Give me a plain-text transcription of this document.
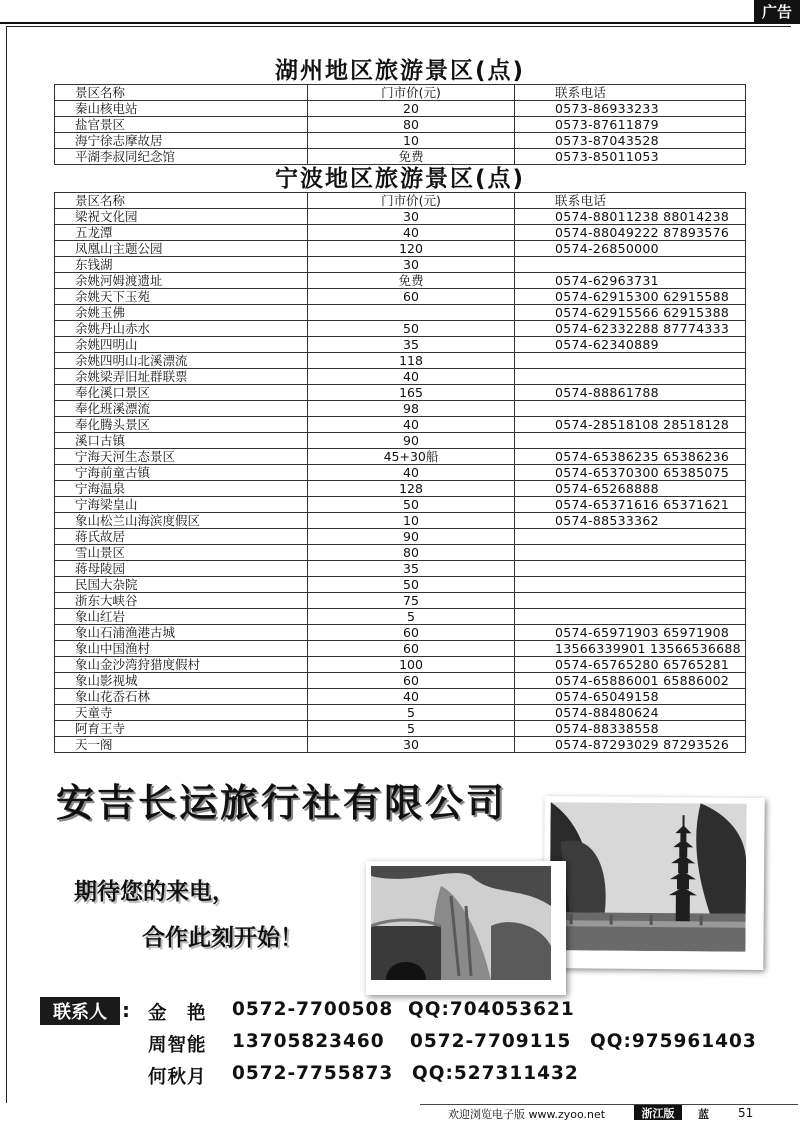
广告
湖州地区旅游景区(点)
景区名称	门市价(元)	联系电话
秦山核电站	20	0573-86933233
盐官景区	80	0573-87611879
海宁徐志摩故居	10	0573-87043528
平湖李叔同纪念馆	免费	0573-85011053
宁波地区旅游景区(点)
景区名称	门市价(元)	联系电话
梁祝文化园	30	0574-88011238 88014238
五龙潭	40	0574-88049222 87893576
凤凰山主题公园	120	0574-26850000
东钱湖	30	
余姚河姆渡遗址	免费	0574-62963731
余姚天下玉苑	60	0574-62915300 62915588
余姚玉佛		0574-62915566 62915388
余姚丹山赤水	50	0574-62332288 87774333
余姚四明山	35	0574-62340889
余姚四明山北溪漂流	118	
余姚梁弄旧址群联票	40	
奉化溪口景区	165	0574-88861788
奉化班溪漂流	98	
奉化腾头景区	40	0574-28518108 28518128
溪口古镇	90	
宁海天河生态景区	45+30船	0574-65386235 65386236
宁海前童古镇	40	0574-65370300 65385075
宁海温泉	128	0574-65268888
宁海梁皇山	50	0574-65371616 65371621
象山松兰山海滨度假区	10	0574-88533362
蒋氏故居	90	
雪山景区	80	
蒋母陵园	35	
民国大杂院	50	
浙东大峡谷	75	
象山红岩	5	
象山石浦渔港古城	60	0574-65971903 65971908
象山中国渔村	60	13566339901 13566536688
象山金沙湾狩猎度假村	100	0574-65765280 65765281
象山影视城	60	0574-65886001 65886002
象山花岙石林	40	0574-65049158
天童寺	5	0574-88480624
阿育王寺	5	0574-88338558
天一阁	30	0574-87293029 87293526
安吉长运旅行社有限公司
期待您的来电，
合作此刻开始！
联系人 : 金　艳 0572-7700508 QQ:704053621
周智能 13705823460 0572-7709115 QQ:975961403
何秋月 0572-7755873 QQ:527311432
欢迎浏览电子版 www.zyoo.net	浙江版	蓝 51
